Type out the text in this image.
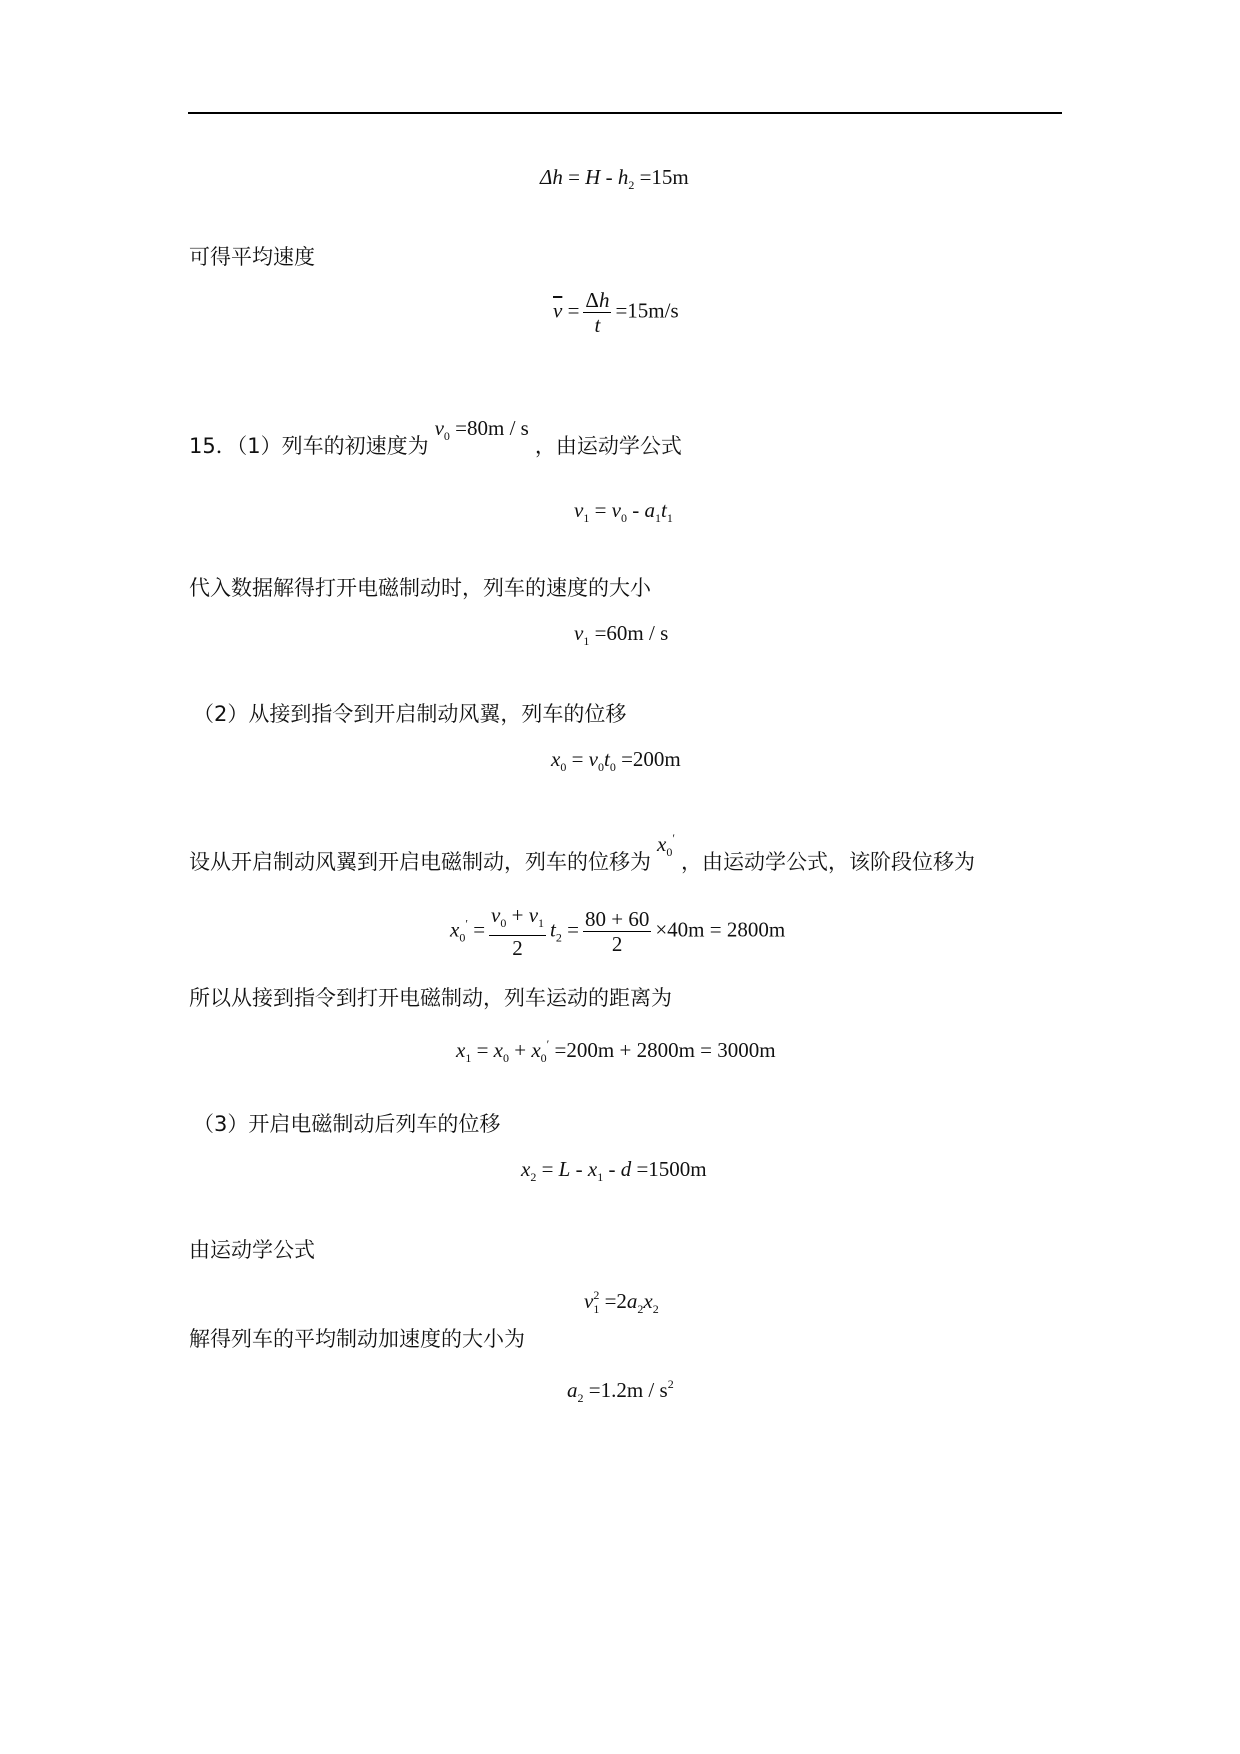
$\Delta h = H - h_2 =15m$
可得平均速度
$\overline{v} = \frac{\Delta h}{t} =15m/s$
15．（1）列车的初速度为$v_0 =80m / s$，由运动学公式
$v_1 = v_0 - a_1t_1$
代入数据解得打开电磁制动时，列车的速度的大小
$v_1 =60m / s$
（2）从接到指令到开启制动风翼，列车的位移
$x_0 = v_0t_0 =200m$
设从开启制动风翼到开启电磁制动，列车的位移为$x_0'$，由运动学公式，该阶段位移为
$x_0' = \frac{v_0 + v_1}{2} t_2 = \frac{80 + 60}{2} \times 40m = 2800m$
所以从接到指令到打开电磁制动，列车运动的距离为
$x_1 = x_0 + x_0' =200m + 2800m = 3000m$
（3）开启电磁制动后列车的位移
$x_2 = L - x_1 - d =1500m$
由运动学公式
$v_1^2 =2a_2x_2$
解得列车的平均制动加速度的大小为
$a_2 =1.2m / s^2$
